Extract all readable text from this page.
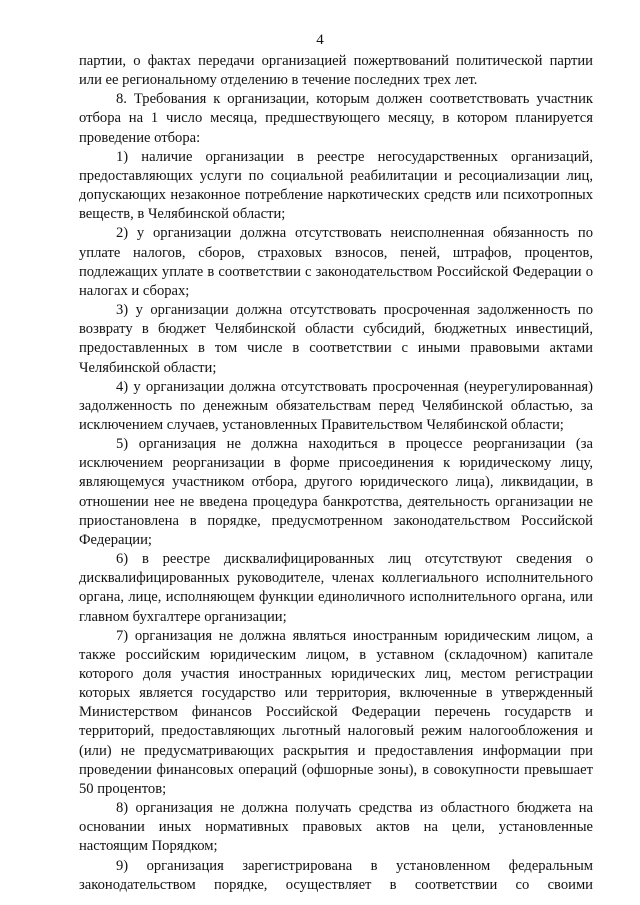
4

партии, о фактах передачи организацией пожертвований политической партии или ее региональному отделению в течение последних трех лет.

8. Требования к организации, которым должен соответствовать участник отбора на 1 число месяца, предшествующего месяцу, в котором планируется проведение отбора:

1) наличие организации в реестре негосударственных организаций, предоставляющих услуги по социальной реабилитации и ресоциализации лиц, допускающих незаконное потребление наркотических средств или психотропных веществ, в Челябинской области;

2) у организации должна отсутствовать неисполненная обязанность по уплате налогов, сборов, страховых взносов, пеней, штрафов, процентов, подлежащих уплате в соответствии с законодательством Российской Федерации о налогах и сборах;

3) у организации должна отсутствовать просроченная задолженность по возврату в бюджет Челябинской области субсидий, бюджетных инвестиций, предоставленных в том числе в соответствии с иными правовыми актами Челябинской области;

4) у организации должна отсутствовать просроченная (неурегулированная) задолженность по денежным обязательствам перед Челябинской областью, за исключением случаев, установленных Правительством Челябинской области;

5) организация не должна находиться в процессе реорганизации (за исключением реорганизации в форме присоединения к юридическому лицу, являющемуся участником отбора, другого юридического лица), ликвидации, в отношении нее не введена процедура банкротства, деятельность организации не приостановлена в порядке, предусмотренном законодательством Российской Федерации;

6) в реестре дисквалифицированных лиц отсутствуют сведения о дисквалифицированных руководителе, членах коллегиального исполнительного органа, лице, исполняющем функции единоличного исполнительного органа, или главном бухгалтере организации;

7) организация не должна являться иностранным юридическим лицом, а также российским юридическим лицом, в уставном (складочном) капитале которого доля участия иностранных юридических лиц, местом регистрации которых является государство или территория, включенные в утвержденный Министерством финансов Российской Федерации перечень государств и территорий, предоставляющих льготный налоговый режим налогообложения и (или) не предусматривающих раскрытия и предоставления информации при проведении финансовых операций (офшорные зоны), в совокупности превышает 50 процентов;

8) организация не должна получать средства из областного бюджета на основании иных нормативных правовых актов на цели, установленные настоящим Порядком;

9) организация зарегистрирована в установленном федеральным законодательством порядке, осуществляет в соответствии со своими
